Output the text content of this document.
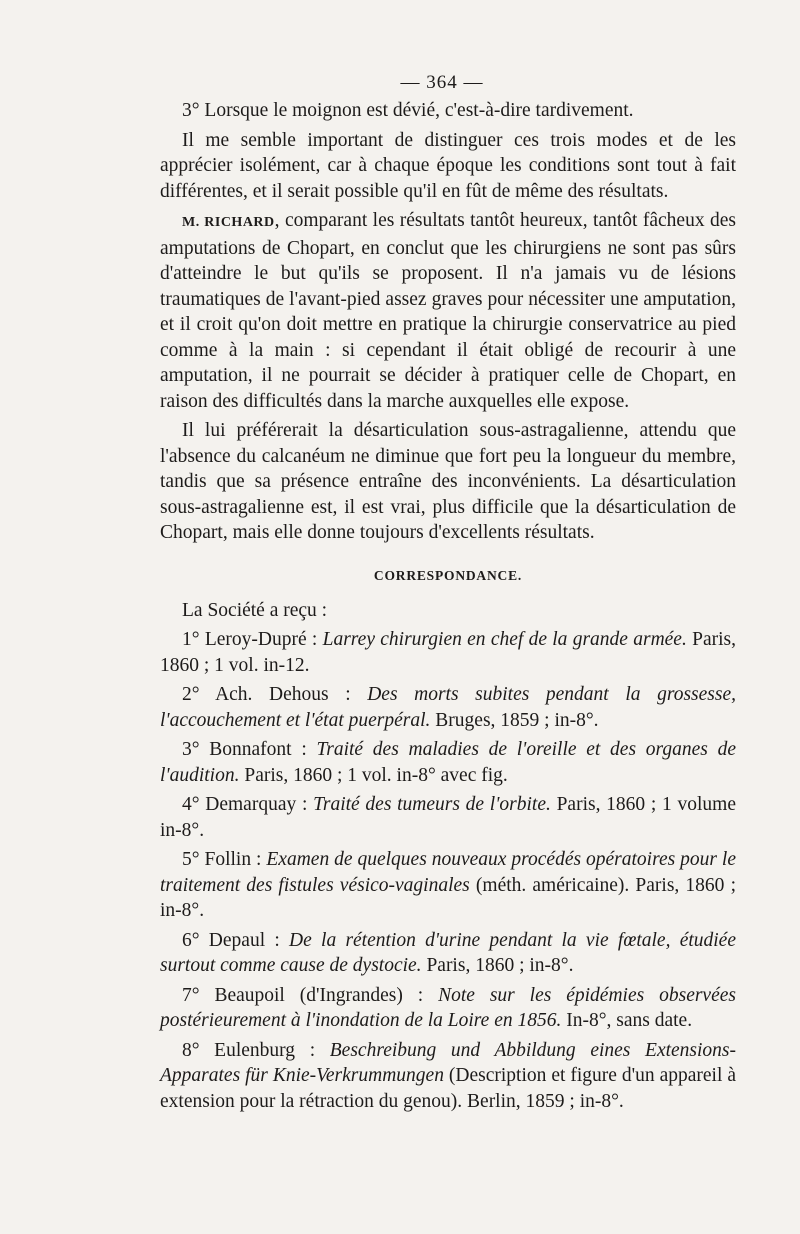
— 364 —

3° Lorsque le moignon est dévié, c'est-à-dire tardivement.

Il me semble important de distinguer ces trois modes et de les apprécier isolément, car à chaque époque les conditions sont tout à fait différentes, et il serait possible qu'il en fût de même des résultats.

M. RICHARD, comparant les résultats tantôt heureux, tantôt fâcheux des amputations de Chopart, en conclut que les chirurgiens ne sont pas sûrs d'atteindre le but qu'ils se proposent. Il n'a jamais vu de lésions traumatiques de l'avant-pied assez graves pour nécessiter une amputation, et il croit qu'on doit mettre en pratique la chirurgie conservatrice au pied comme à la main : si cependant il était obligé de recourir à une amputation, il ne pourrait se décider à pratiquer celle de Chopart, en raison des difficultés dans la marche auxquelles elle expose.

Il lui préférerait la désarticulation sous-astragalienne, attendu que l'absence du calcanéum ne diminue que fort peu la longueur du membre, tandis que sa présence entraîne des inconvénients. La désarticulation sous-astragalienne est, il est vrai, plus difficile que la désarticulation de Chopart, mais elle donne toujours d'excellents résultats.

CORRESPONDANCE.

La Société a reçu :

1° Leroy-Dupré : Larrey chirurgien en chef de la grande armée. Paris, 1860 ; 1 vol. in-12.

2° Ach. Dehous : Des morts subites pendant la grossesse, l'accouchement et l'état puerpéral. Bruges, 1859 ; in-8°.

3° Bonnafont : Traité des maladies de l'oreille et des organes de l'audition. Paris, 1860 ; 1 vol. in-8° avec fig.

4° Demarquay : Traité des tumeurs de l'orbite. Paris, 1860 ; 1 volume in-8°.

5° Follin : Examen de quelques nouveaux procédés opératoires pour le traitement des fistules vésico-vaginales (méth. américaine). Paris, 1860 ; in-8°.

6° Depaul : De la rétention d'urine pendant la vie fœtale, étudiée surtout comme cause de dystocie. Paris, 1860 ; in-8°.

7° Beaupoil (d'Ingrandes) : Note sur les épidémies observées postérieurement à l'inondation de la Loire en 1856. In-8°, sans date.

8° Eulenburg : Beschreibung und Abbildung eines Extensions-Apparates für Knie-Verkrummungen (Description et figure d'un appareil à extension pour la rétraction du genou). Berlin, 1859 ; in-8°.
